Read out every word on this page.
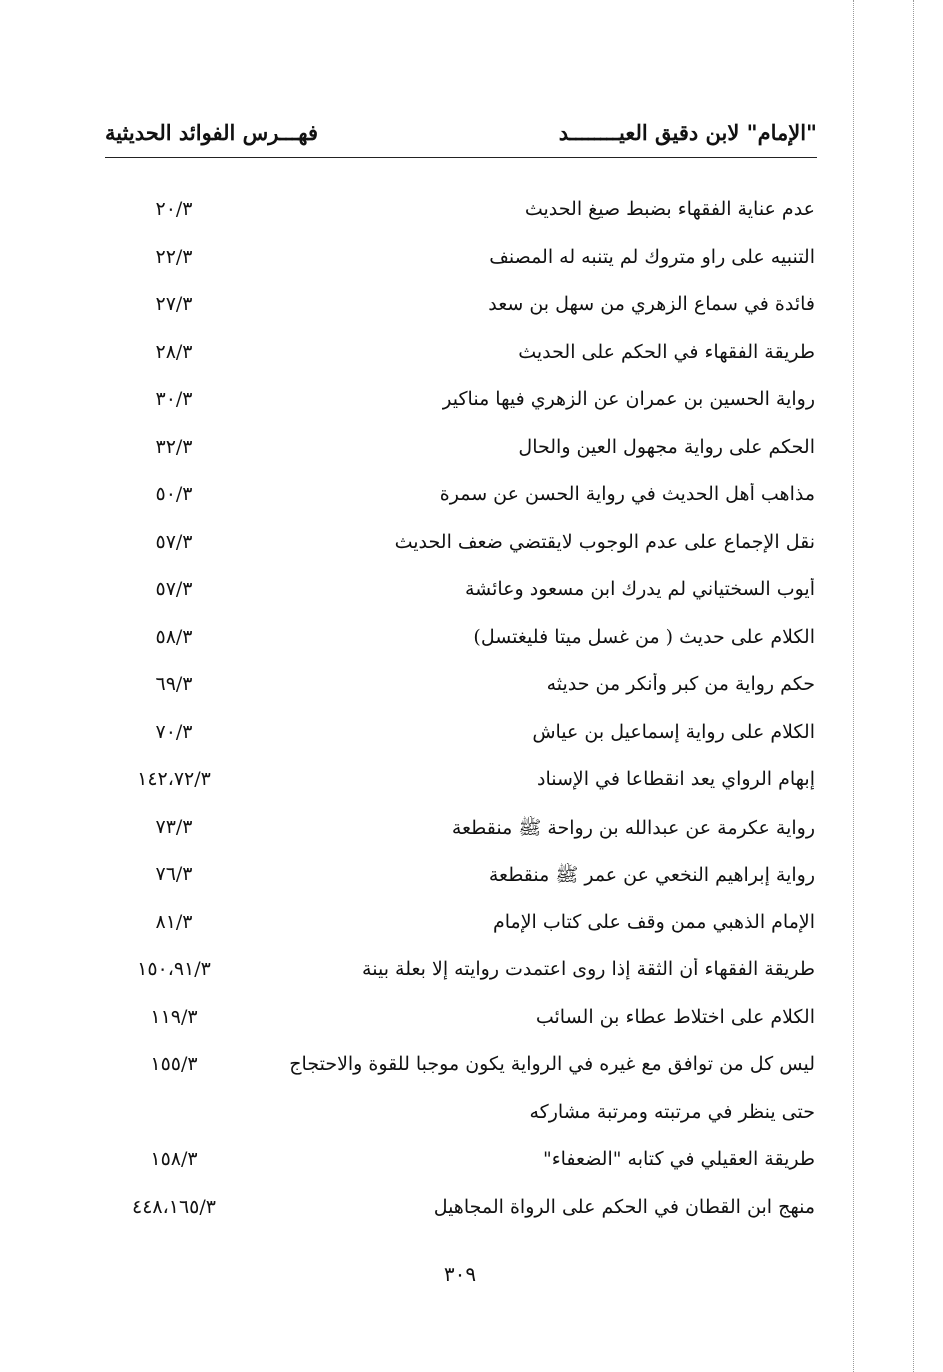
"الإمام" لابن دقيق العيــــــــد
فهـــرس الفوائد الحديثية
عدم عناية الفقهاء بضبط صيغ الحديث
٢٠/٣
التنبيه على راو متروك لم يتنبه له المصنف
٢٢/٣
فائدة في سماع الزهري من سهل بن سعد
٢٧/٣
طريقة الفقهاء في الحكم على الحديث
٢٨/٣
رواية الحسين بن عمران عن الزهري فيها مناكير
٣٠/٣
الحكم على رواية مجهول العين والحال
٣٢/٣
مذاهب أهل الحديث في رواية الحسن عن سمرة
٥٠/٣
نقل الإجماع على عدم الوجوب لايقتضي ضعف الحديث
٥٧/٣
أيوب السختياني لم يدرك ابن مسعود وعائشة
٥٧/٣
الكلام على حديث ( من غسل ميتا فليغتسل)
٥٨/٣
حكم رواية من كبر وأنكر من حديثه
٦٩/٣
الكلام على رواية إسماعيل بن عياش
٧٠/٣
إبهام الرواي يعد انقطاعا في الإسناد
١٤٢،٧٢/٣
رواية عكرمة عن عبدالله بن رواحة ﷺ منقطعة
٧٣/٣
رواية إبراهيم النخعي عن عمر ﷺ منقطعة
٧٦/٣
الإمام الذهبي ممن وقف على كتاب الإمام
٨١/٣
طريقة الفقهاء أن الثقة إذا روى اعتمدت روايته إلا بعلة بينة
١٥٠،٩١/٣
الكلام على اختلاط عطاء بن السائب
١١٩/٣
ليس كل من توافق مع غيره في الرواية يكون موجبا للقوة والاحتجاج
١٥٥/٣
حتى ينظر في مرتبته ومرتبة مشاركه
طريقة العقيلي في كتابه "الضعفاء"
١٥٨/٣
منهج ابن القطان في الحكم على الرواة المجاهيل
٤٤٨،١٦٥/٣
٣٠٩
